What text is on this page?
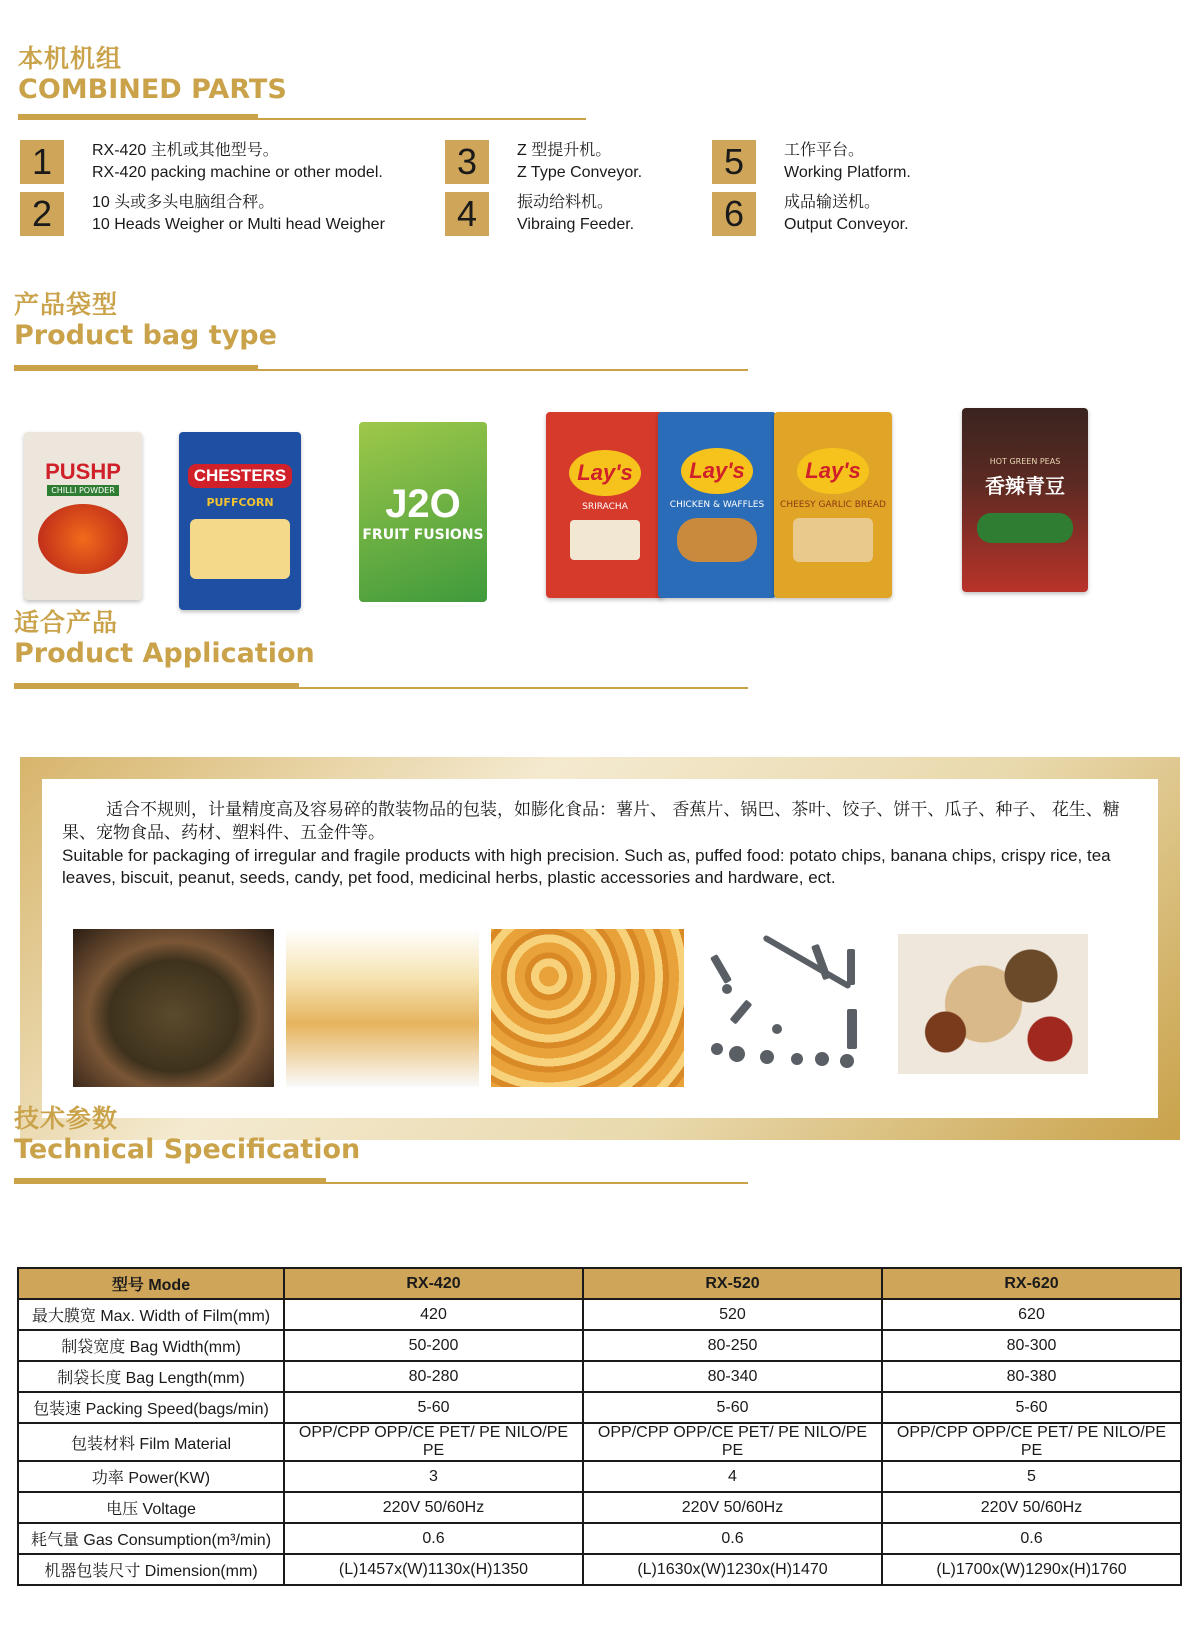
本机机组
COMBINED PARTS
1	RX-420 主机或其他型号。
RX-420 packing machine or other model.
2	10 头或多头电脑组合秤。
10 Heads Weigher or Multi head Weigher
3	Z 型提升机。
Z Type Conveyor.
4	振动给料机。
Vibraing Feeder.
5	工作平台。
Working Platform.
6	成品输送机。
Output Conveyor.
产品袋型
Product bag type
PUSHP
CHILLI POWDER
CHESTERS
PUFFCORN	J2O
FRUIT FUSIONS
Lay's
SRIRACHA
Lay's
CHICKEN & WAFFLES
Lay's
CHEESY GARLIC BREAD
HOT GREEN PEAS
香辣青豆
适合产品
Product Application
适合不规则，计量精度高及容易碎的散装物品的包装，如膨化食品：薯片、 香蕉片、锅巴、茶叶、饺子、饼干、瓜子、种子、 花生、糖果、宠物食品、药材、塑料件、五金件等。
Suitable for packaging of irregular and fragile products with high precision. Such as, puffed food: potato chips, banana chips, crispy rice, tea leaves, biscuit, peanut, seeds, candy, pet food, medicinal herbs, plastic accessories and hardware, ect.
技术参数
Technical Specification
型号 Mode	RX-420	RX-520	RX-620
最大膜宽 Max. Width of Film(mm)	420	520	620
制袋宽度 Bag Width(mm)	50-200	80-250	80-300
制袋长度 Bag Length(mm)	80-280	80-340	80-380
包装速 Packing Speed(bags/min)	5-60	5-60	5-60
包装材料 Film Material	OPP/CPP OPP/CE PET/ PE NILO/PE PE	OPP/CPP OPP/CE PET/ PE NILO/PE PE	OPP/CPP OPP/CE PET/ PE NILO/PE PE
功率 Power(KW)	3	4	5
电压 Voltage	220V 50/60Hz	220V 50/60Hz	220V 50/60Hz
耗气量 Gas Consumption(m³/min)	0.6	0.6	0.6
机器包装尺寸 Dimension(mm)	(L)1457x(W)1130x(H)1350	(L)1630x(W)1230x(H)1470	(L)1700x(W)1290x(H)1760
